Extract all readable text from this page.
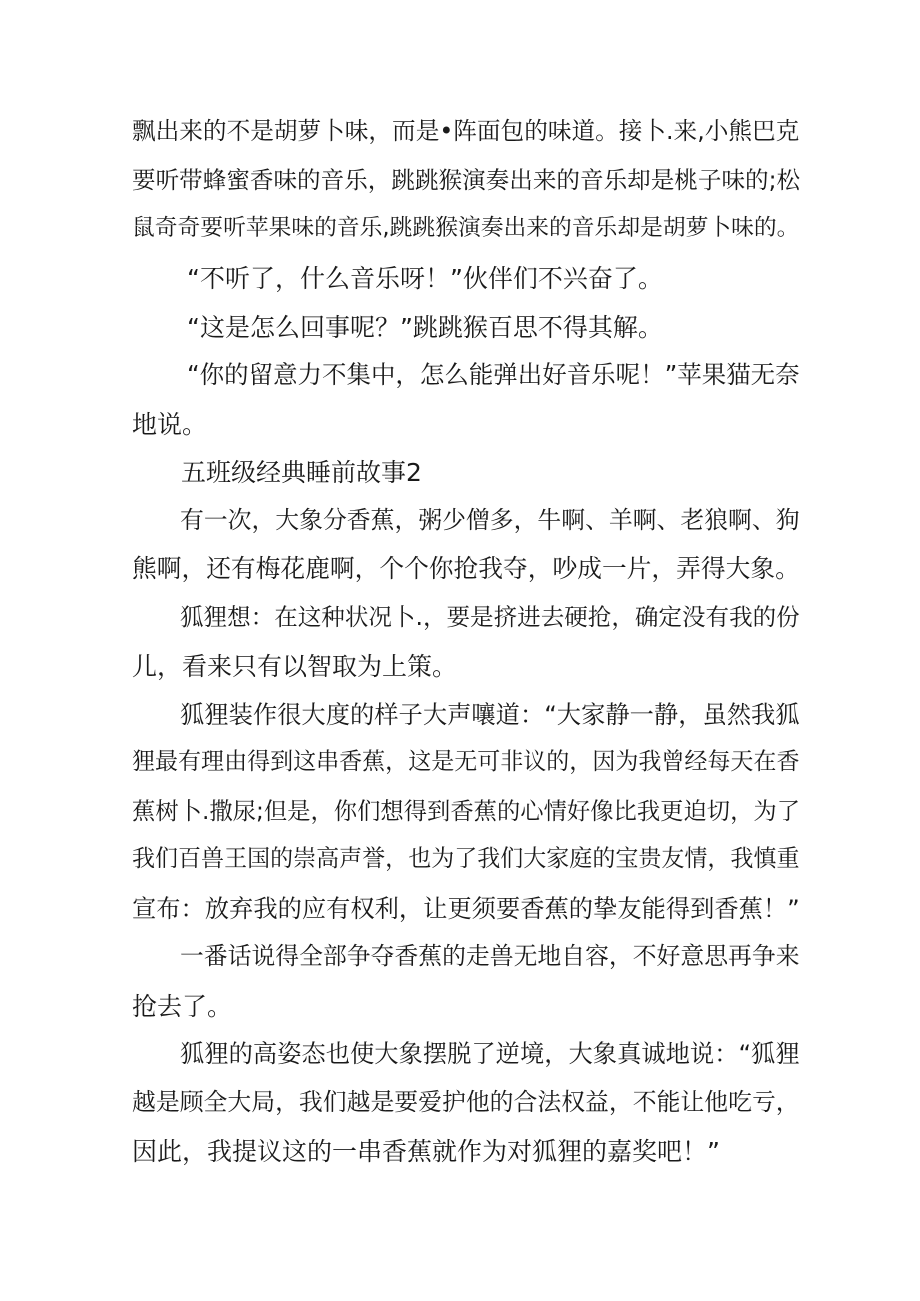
飘出来的不是胡萝卜味，而是•阵面包的味道。接卜.来,小熊巴克
要听带蜂蜜香味的音乐，跳跳猴演奏出来的音乐却是桃子味的;松
鼠奇奇要听苹果味的音乐,跳跳猴演奏出来的音乐却是胡萝卜味的。
“不听了，什么音乐呀！”伙伴们不兴奋了。
“这是怎么回事呢？”跳跳猴百思不得其解。
“你的留意力不集中，怎么能弹出好音乐呢！”苹果猫无奈
地说。
五班级经典睡前故事2
有一次，大象分香蕉，粥少僧多，牛啊、羊啊、老狼啊、狗
熊啊，还有梅花鹿啊，个个你抢我夺，吵成一片，弄得大象。
狐狸想：在这种状况卜.，要是挤进去硬抢，确定没有我的份
儿，看来只有以智取为上策。
狐狸装作很大度的样子大声嚷道：“大家静一静，虽然我狐
狸最有理由得到这串香蕉，这是无可非议的，因为我曾经每天在香
蕉树卜.撒尿;但是，你们想得到香蕉的心情好像比我更迫切，为了
我们百兽王国的崇高声誉，也为了我们大家庭的宝贵友情，我慎重
宣布：放弃我的应有权利，让更须要香蕉的挚友能得到香蕉！”
一番话说得全部争夺香蕉的走兽无地自容，不好意思再争来
抢去了。
狐狸的高姿态也使大象摆脱了逆境，大象真诚地说：“狐狸
越是顾全大局，我们越是要爱护他的合法权益，不能让他吃亏，
因此，我提议这的一串香蕉就作为对狐狸的嘉奖吧！”
